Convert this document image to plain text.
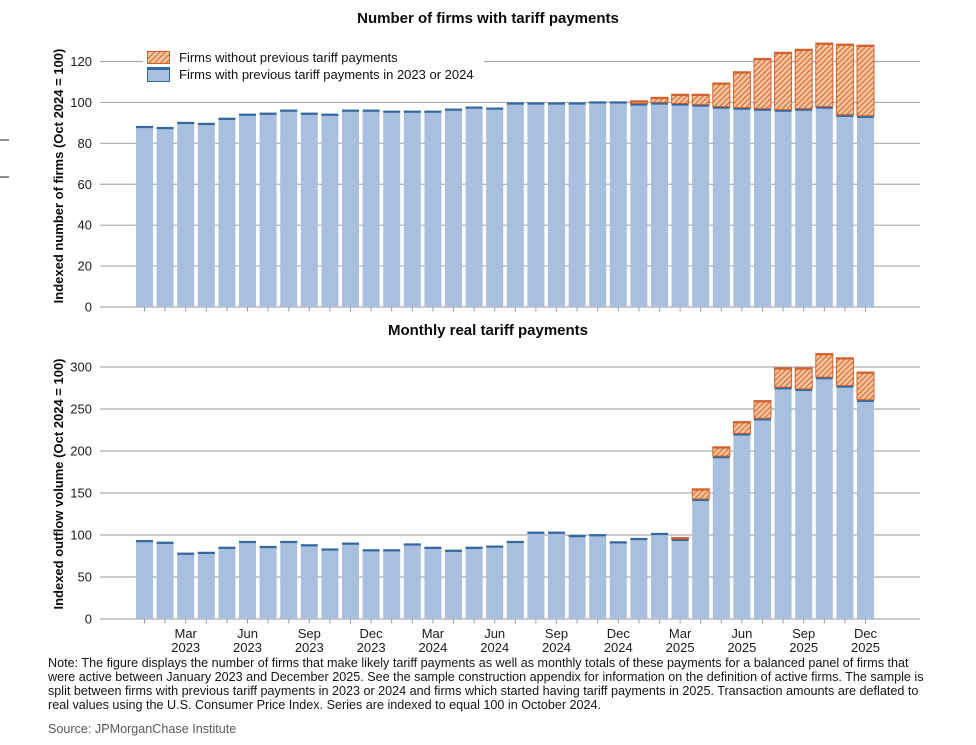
Number of firms with tariff payments
Firms without previous tariff payments
Firms with previous tariff payments in 2023 or 2024
Indexed number of firms (Oct 2024 = 100)
Monthly real tariff payments
Indexed outflow volume (Oct 2024 = 100)
0
20
40
60
80
100
120
0
50
100
150
200
250
300
Mar 2023
Jun 2023
Sep 2023
Dec 2023
Mar 2024
Jun 2024
Sep 2024
Dec 2024
Mar 2025
Jun 2025
Sep 2025
Dec 2025
Note: The figure displays the number of firms that make likely tariff payments as well as monthly totals of these payments for a balanced panel of firms that were active between January 2023 and December 2025. See the sample construction appendix for information on the definition of active firms. The sample is split between firms with previous tariff payments in 2023 or 2024 and firms which started having tariff payments in 2025. Transaction amounts are deflated to real values using the U.S. Consumer Price Index. Series are indexed to equal 100 in October 2024.
Source: JPMorganChase Institute
